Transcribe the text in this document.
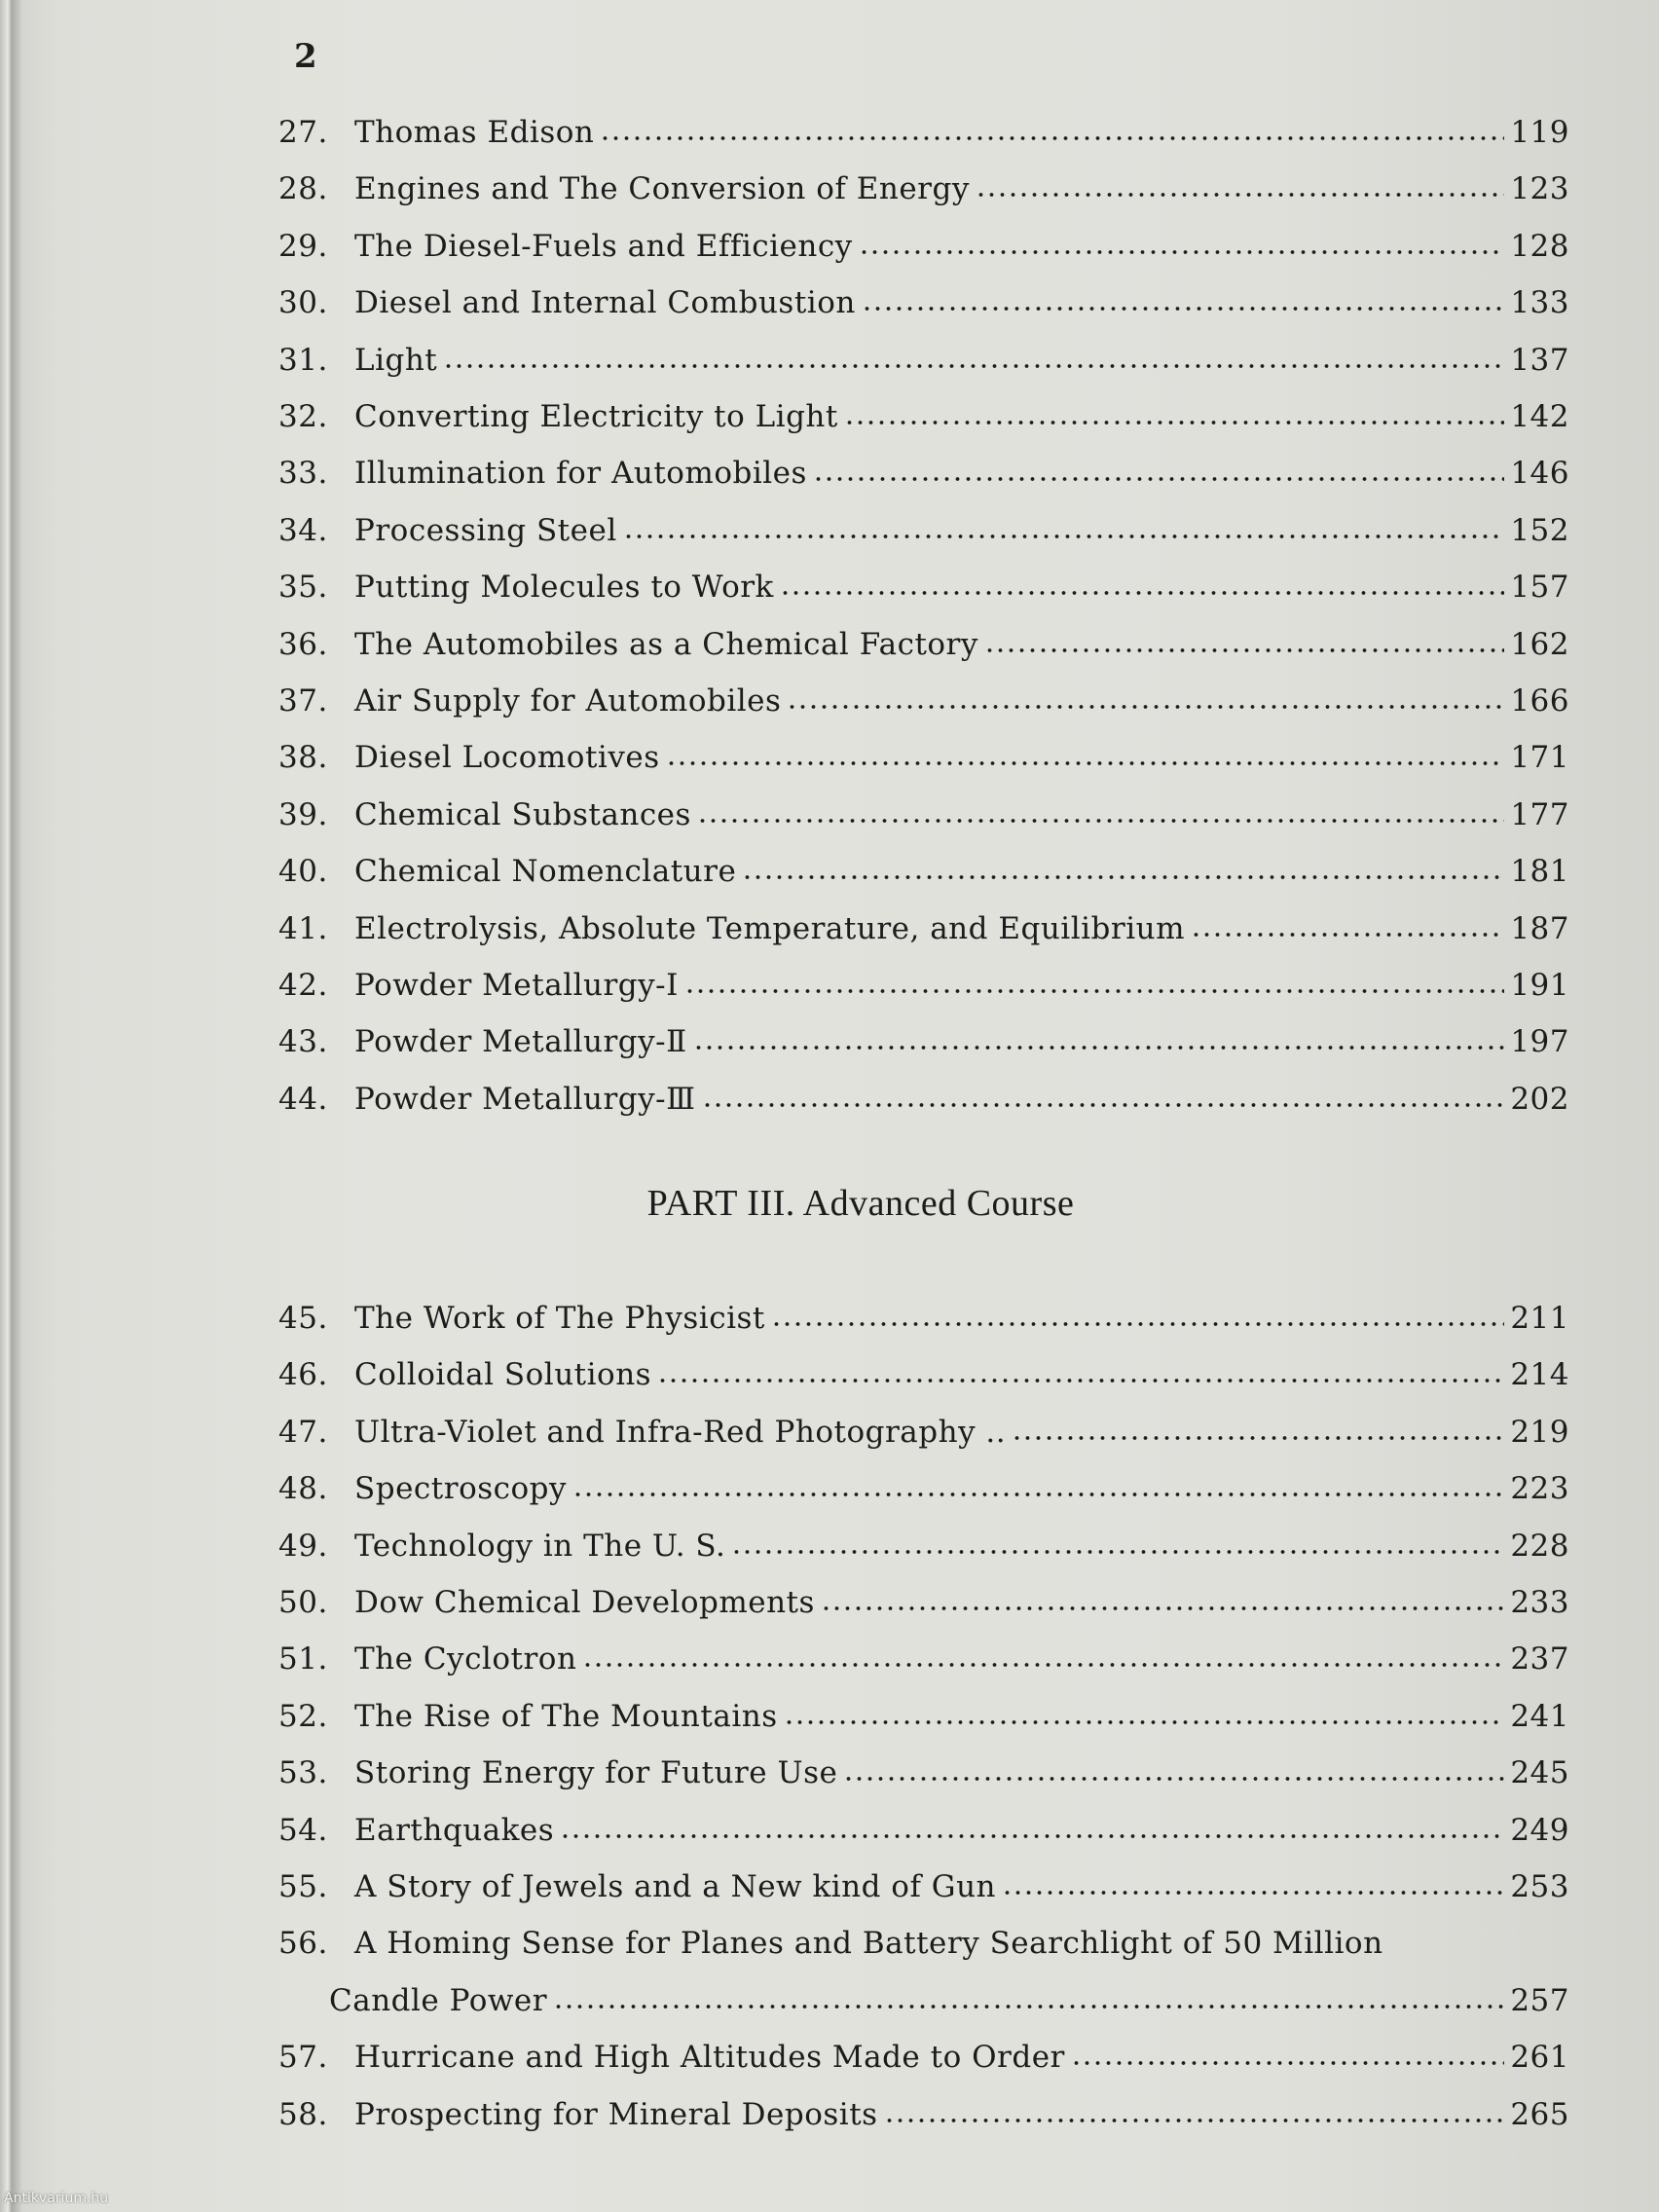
2
27. Thomas Edison	119
28. Engines and The Conversion of Energy	123
29. The Diesel-Fuels and Efficiency	128
30. Diesel and Internal Combustion	133
31. Light	137
32. Converting Electricity to Light	142
33. Illumination for Automobiles	146
34. Processing Steel	152
35. Putting Molecules to Work	157
36. The Automobiles as a Chemical Factory	162
37. Air Supply for Automobiles	166
38. Diesel Locomotives	171
39. Chemical Substances	177
40. Chemical Nomenclature	181
41. Electrolysis, Absolute Temperature, and Equilibrium	187
42. Powder Metallurgy-Ⅰ	191
43. Powder Metallurgy-Ⅱ	197
44. Powder Metallurgy-Ⅲ	202
PART III. Advanced Course
45. The Work of The Physicist	211
46. Colloidal Solutions	214
47. Ultra-Violet and Infra-Red Photography ..	219
48. Spectroscopy	223
49. Technology in The U. S.	228
50. Dow Chemical Developments	233
51. The Cyclotron	237
52. The Rise of The Mountains	241
53. Storing Energy for Future Use	245
54. Earthquakes	249
55. A Story of Jewels and a New kind of Gun	253
56. A Homing Sense for Planes and Battery Searchlight of 50 Million
Candle Power	257
57. Hurricane and High Altitudes Made to Order	261
58. Prospecting for Mineral Deposits	265
Antikvarium.hu
